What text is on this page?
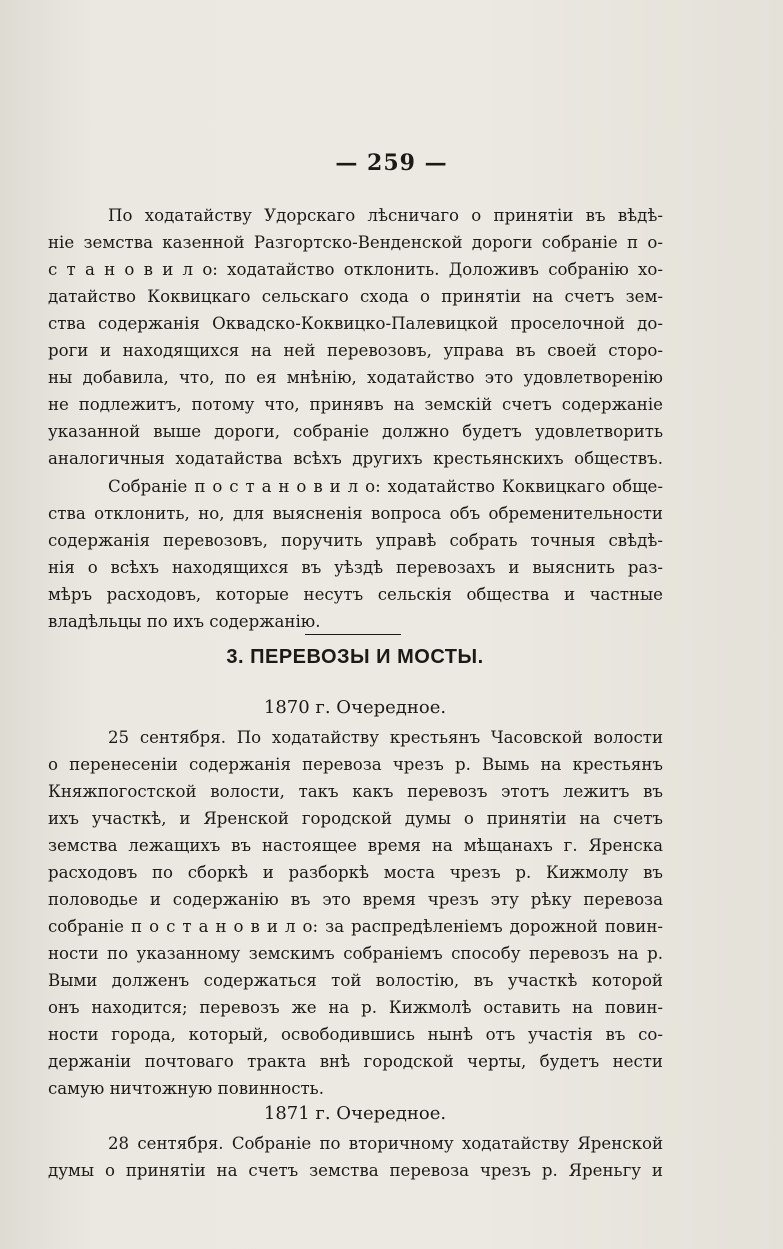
— 259 —
По ходатайству Удорскаго лѣсничаго о принятіи въ вѣдѣ-
ніе земства казенной Разгортско-Венденской дороги собраніе п о-
с т а н о в и л о: ходатайство отклонить. Доложивъ собранію хо-
датайство Коквицкаго сельскаго схода о принятіи на счетъ зем-
ства содержанія Оквадско-Коквицко-Палевицкой проселочной до-
роги и находящихся на ней перевозовъ, управа въ своей сторо-
ны добавила, что, по ея мнѣнію, ходатайство это удовлетворенію
не подлежитъ, потому что, принявъ на земскій счетъ содержаніе
указанной выше дороги, собраніе должно будетъ удовлетворить
аналогичныя ходатайства всѣхъ другихъ крестьянскихъ обществъ.
Собраніе п о с т а н о в и л о: ходатайство Коквицкаго обще-
ства отклонить, но, для выясненія вопроса объ обременительности
содержанія перевозовъ, поручить управѣ собрать точныя свѣдѣ-
нія о всѣхъ находящихся въ уѣздѣ перевозахъ и выяснить раз-
мѣръ расходовъ, которые несутъ сельскія общества и частные
владѣльцы по ихъ содержанію.
3. ПЕРЕВОЗЫ И МОСТЫ.
1870 г. Очередное.
25 сентября. По ходатайству крестьянъ Часовской волости
о перенесеніи содержанія перевоза чрезъ р. Вымь на крестьянъ
Княжпогостской волости, такъ какъ перевозъ этотъ лежитъ въ
ихъ участкѣ, и Яренской городской думы о принятіи на счетъ
земства лежащихъ въ настоящее время на мѣщанахъ г. Яренска
расходовъ по сборкѣ и разборкѣ моста чрезъ р. Кижмолу въ
половодье и содержанію въ это время чрезъ эту рѣку перевоза
собраніе п о с т а н о в и л о: за распредѣленіемъ дорожной повин-
ности по указанному земскимъ собраніемъ способу перевозъ на р.
Выми долженъ содержаться той волостію, въ участкѣ которой
онъ находится; перевозъ же на р. Кижмолѣ оставить на повин-
ности города, который, освободившись нынѣ отъ участія въ со-
держаніи почтоваго тракта внѣ городской черты, будетъ нести
самую ничтожную повинность.
1871 г. Очередное.
28 сентября. Собраніе по вторичному ходатайству Яренской
думы о принятіи на счетъ земства перевоза чрезъ р. Яреньгу и
